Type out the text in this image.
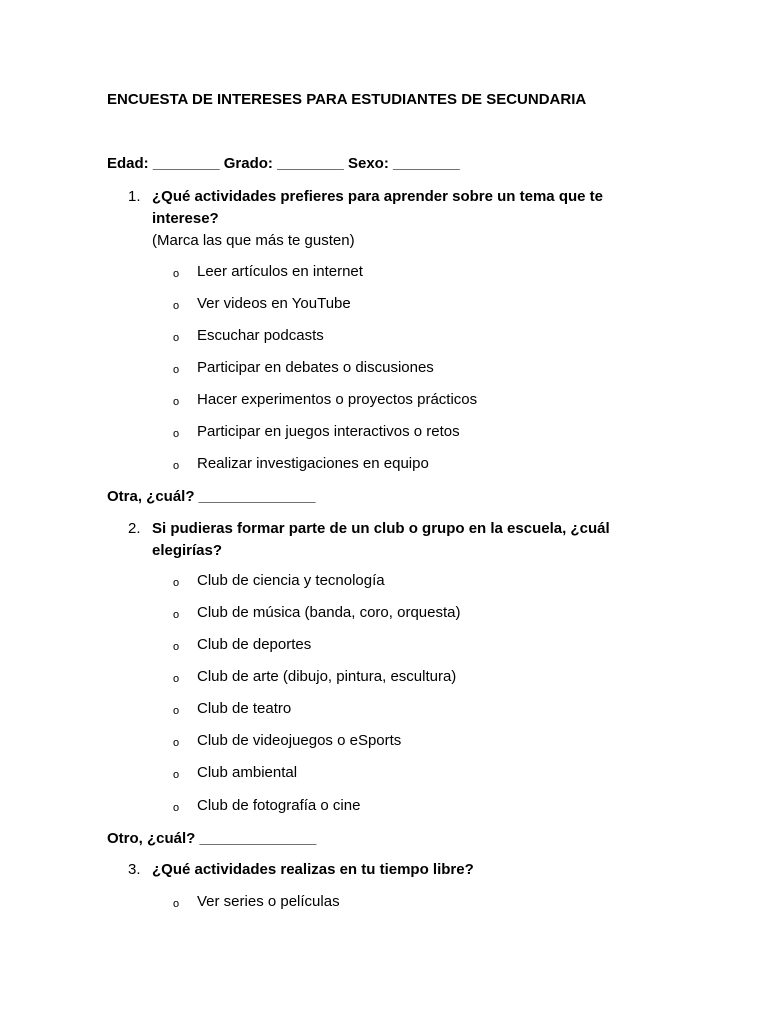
ENCUESTA DE INTERESES PARA ESTUDIANTES DE SECUNDARIA
Edad: ________ Grado: ________ Sexo: ________
1. ¿Qué actividades prefieres para aprender sobre un tema que te interese?
(Marca las que más te gusten)
o Leer artículos en internet
o Ver videos en YouTube
o Escuchar podcasts
o Participar en debates o discusiones
o Hacer experimentos o proyectos prácticos
o Participar en juegos interactivos o retos
o Realizar investigaciones en equipo
Otra, ¿cuál? ______________
2. Si pudieras formar parte de un club o grupo en la escuela, ¿cuál elegirías?
o Club de ciencia y tecnología
o Club de música (banda, coro, orquesta)
o Club de deportes
o Club de arte (dibujo, pintura, escultura)
o Club de teatro
o Club de videojuegos o eSports
o Club ambiental
o Club de fotografía o cine
Otro, ¿cuál? ______________
3. ¿Qué actividades realizas en tu tiempo libre?
o Ver series o películas
